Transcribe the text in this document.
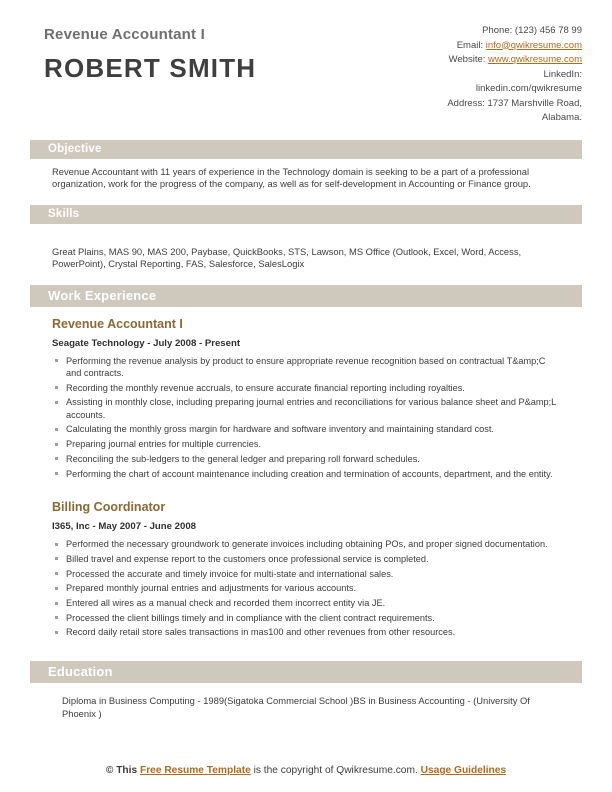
Revenue Accountant I
ROBERT SMITH
Phone: (123) 456 78 99
Email: info@qwikresume.com
Website: www.qwikresume.com
LinkedIn:
linkedin.com/qwikresume
Address: 1737 Marshville Road,
Alabama.
Objective
Revenue Accountant with 11 years of experience in the Technology domain is seeking to be a part of a professional organization, work for the progress of the company, as well as for self-development in Accounting or Finance group.
Skills
Great Plains, MAS 90, MAS 200, Paybase, QuickBooks, STS, Lawson, MS Office (Outlook, Excel, Word, Access, PowerPoint), Crystal Reporting, FAS, Salesforce, SalesLogix
Work Experience
Revenue Accountant I
Seagate Technology - July 2008 - Present
Performing the revenue analysis by product to ensure appropriate revenue recognition based on contractual T&amp;C and contracts.
Recording the monthly revenue accruals, to ensure accurate financial reporting including royalties.
Assisting in monthly close, including preparing journal entries and reconciliations for various balance sheet and P&amp;L accounts.
Calculating the monthly gross margin for hardware and software inventory and maintaining standard cost.
Preparing journal entries for multiple currencies.
Reconciling the sub-ledgers to the general ledger and preparing roll forward schedules.
Performing the chart of account maintenance including creation and termination of accounts, department, and the entity.
Billing Coordinator
I365, Inc - May 2007 - June 2008
Performed the necessary groundwork to generate invoices including obtaining POs, and proper signed documentation.
Billed travel and expense report to the customers once professional service is completed.
Processed the accurate and timely invoice for multi-state and international sales.
Prepared monthly journal entries and adjustments for various accounts.
Entered all wires as a manual check and recorded them incorrect entity via JE.
Processed the client billings timely and in compliance with the client contract requirements.
Record daily retail store sales transactions in mas100 and other revenues from other resources.
Education
Diploma in Business Computing - 1989(Sigatoka Commercial School )BS in Business Accounting - (University Of Phoenix )
© This Free Resume Template is the copyright of Qwikresume.com. Usage Guidelines
